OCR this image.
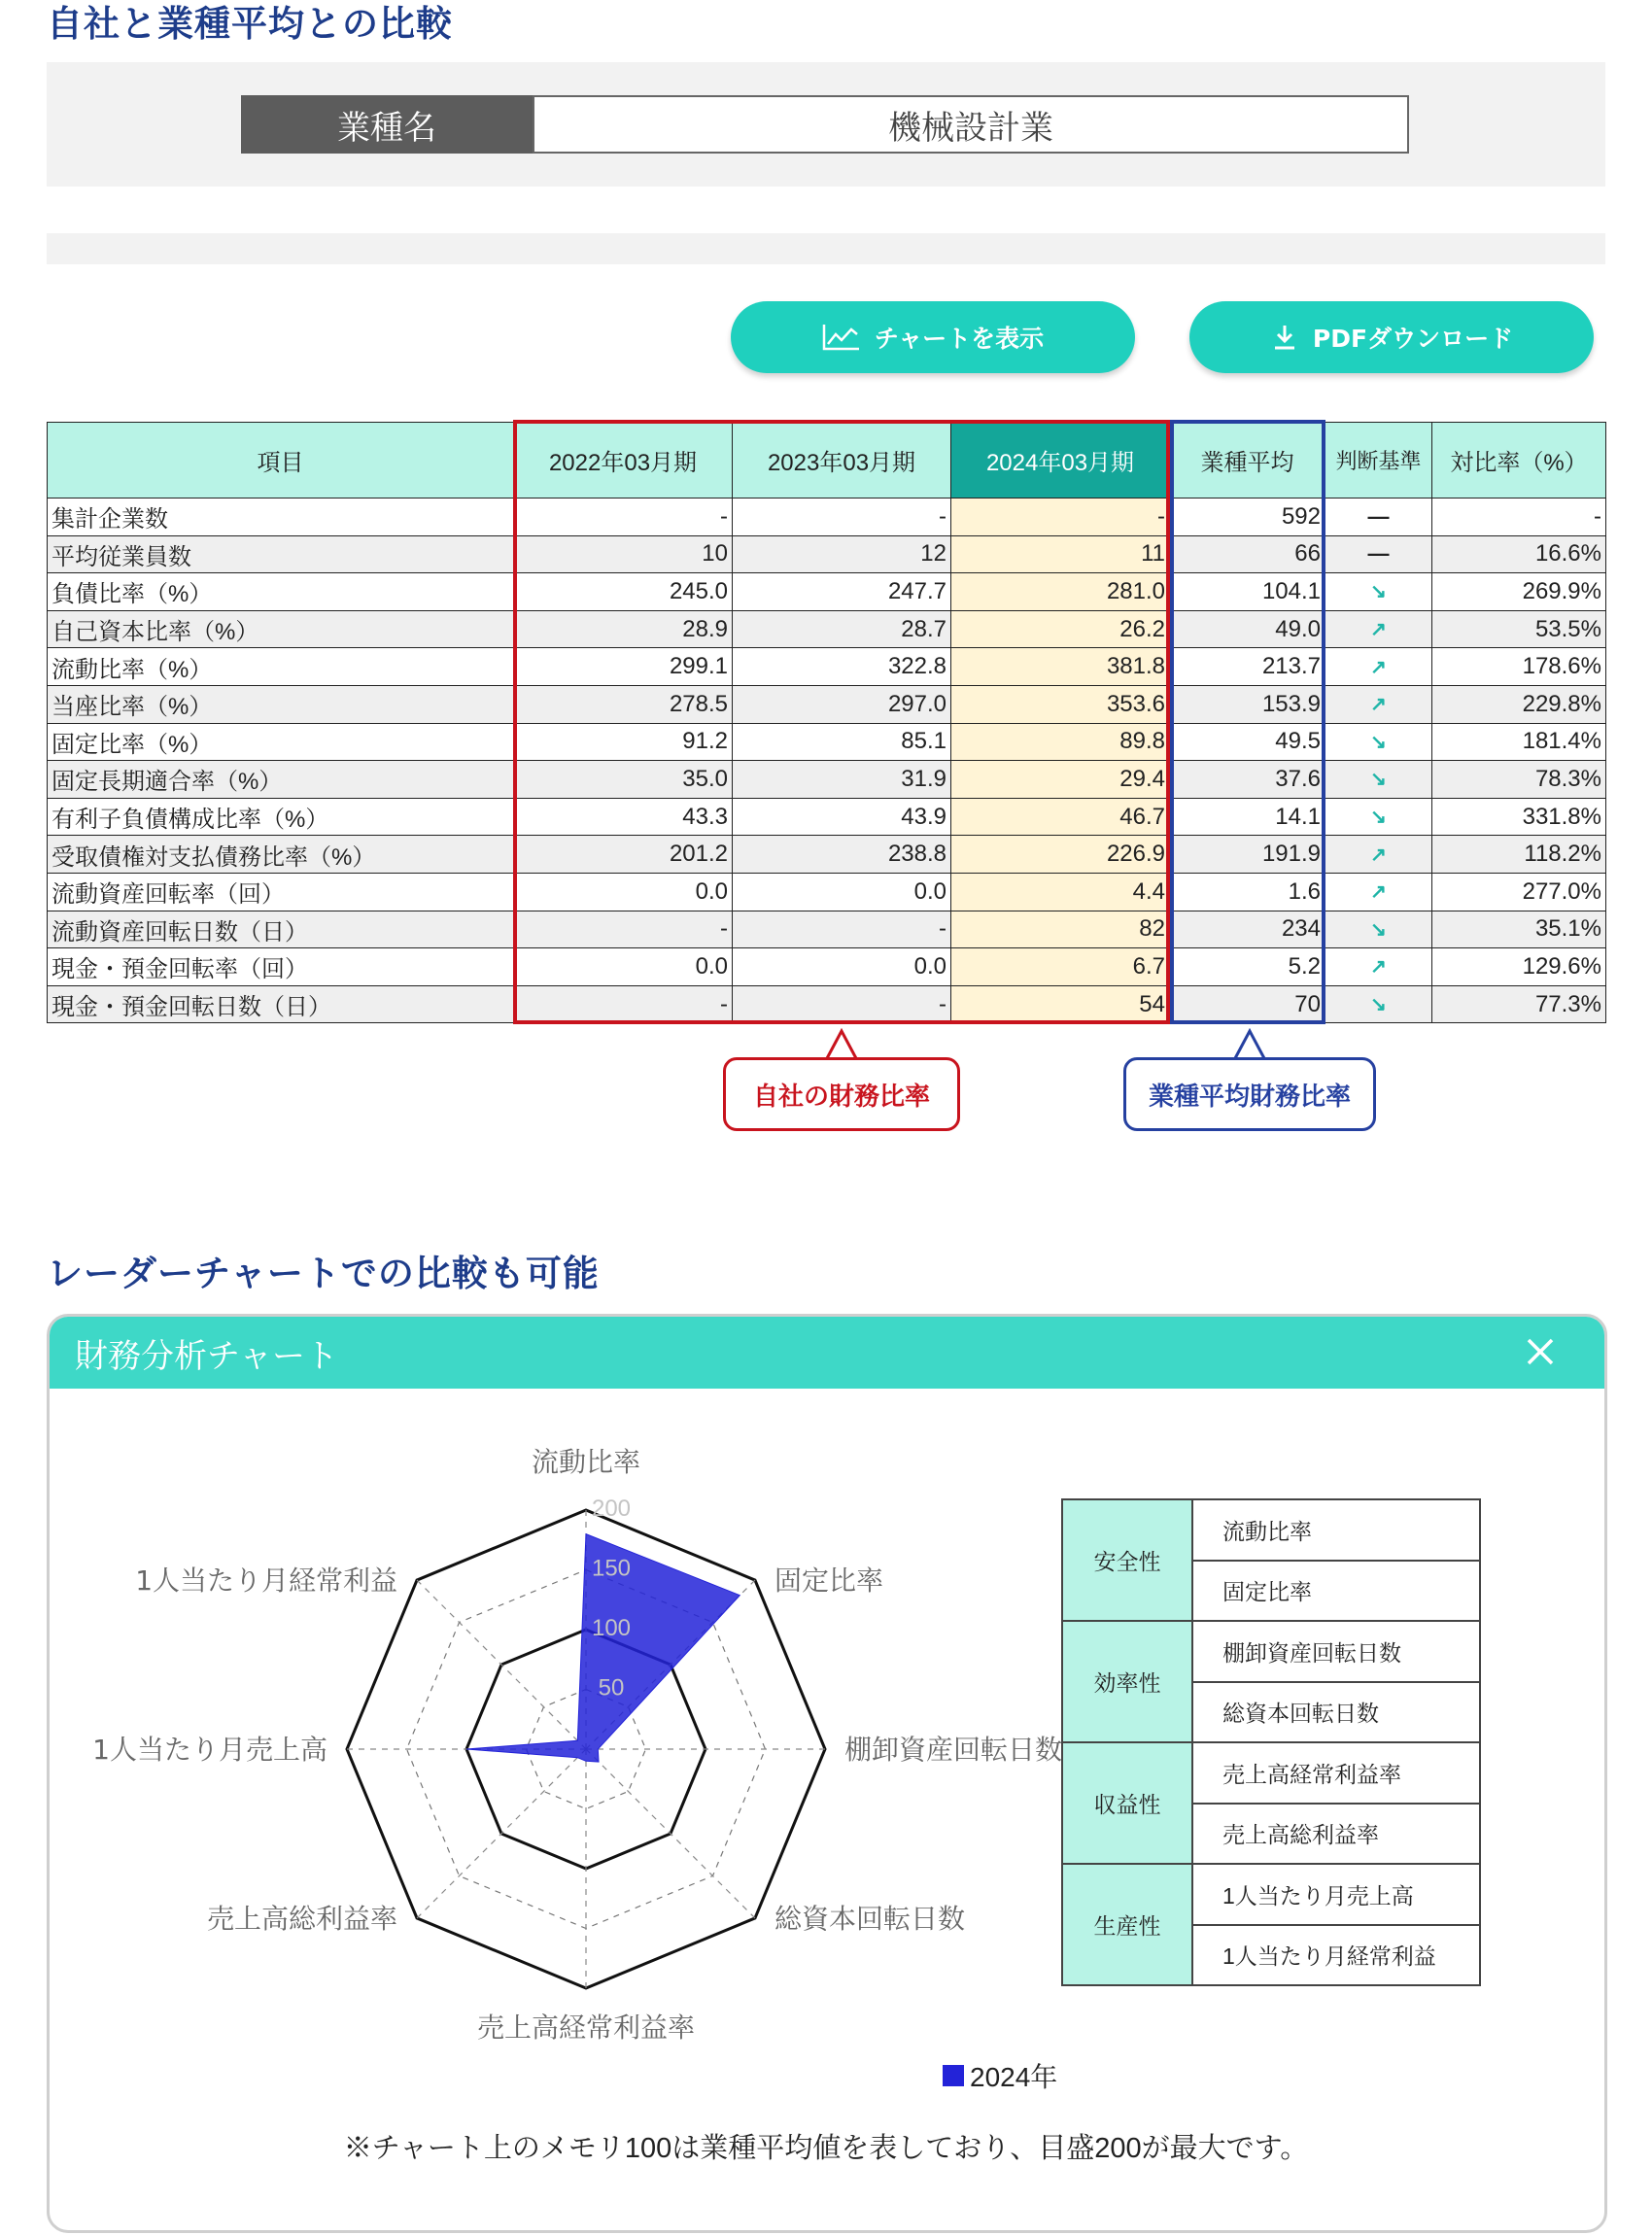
自社と業種平均との比較
業種名	機械設計業
チャートを表示	PDFダウンロード
項目	2022年03月期	2023年03月期	2024年03月期	業種平均	判断基準	対比率（%）
集計企業数	-	-	-	592	—	-
平均従業員数	10	12	11	66	—	16.6%
負債比率（%）	245.0	247.7	281.0	104.1	↘	269.9%
自己資本比率（%）	28.9	28.7	26.2	49.0	↗	53.5%
流動比率（%）	299.1	322.8	381.8	213.7	↗	178.6%
当座比率（%）	278.5	297.0	353.6	153.9	↗	229.8%
固定比率（%）	91.2	85.1	89.8	49.5	↘	181.4%
固定長期適合率（%）	35.0	31.9	29.4	37.6	↘	78.3%
有利子負債構成比率（%）	43.3	43.9	46.7	14.1	↘	331.8%
受取債権対支払債務比率（%）	201.2	238.8	226.9	191.9	↗	118.2%
流動資産回転率（回）	0.0	0.0	4.4	1.6	↗	277.0%
流動資産回転日数（日）	-	-	82	234	↘	35.1%
現金・預金回転率（回）	0.0	0.0	6.7	5.2	↗	129.6%
現金・預金回転日数（日）	-	-	54	70	↘	77.3%
自社の財務比率	業種平均財務比率
レーダーチャートでの比較も可能
財務分析チャート
50
100
150
200
流動比率
固定比率
棚卸資産回転日数
総資本回転日数
売上高経常利益率
売上高総利益率
1人当たり月売上高
1人当たり月経常利益
安全性	流動比率
	固定比率
効率性	棚卸資産回転日数
	総資本回転日数
収益性	売上高経常利益率
	売上高総利益率
生産性	1人当たり月売上高
	1人当たり月経常利益
2024年
※チャート上のメモリ100は業種平均値を表しており、目盛200が最大です。
